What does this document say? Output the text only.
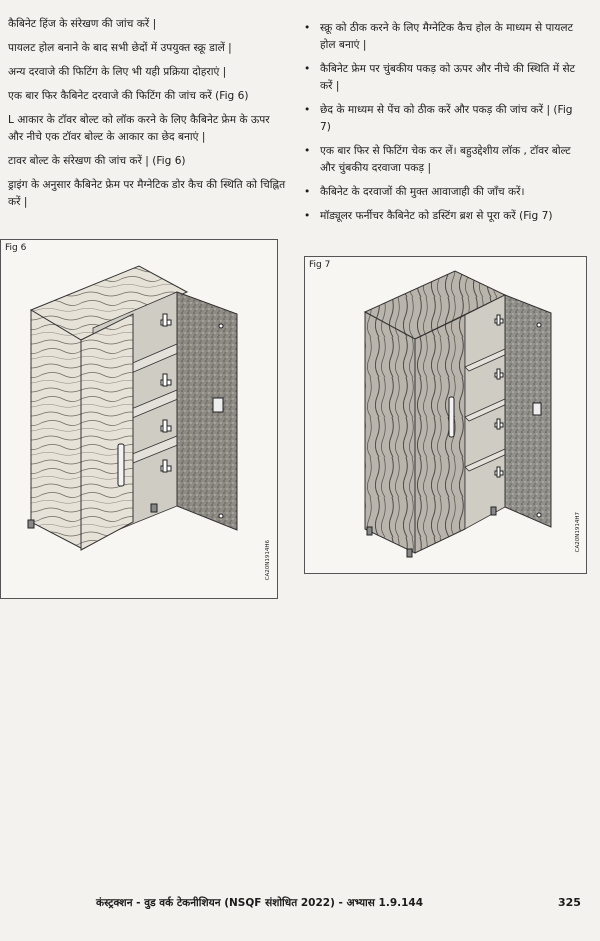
कैबिनेट हिंज के संरेखण की जांच करें |

पायलट होल बनाने के बाद सभी छेदों में उपयुक्त स्क्रू डालें |

अन्य दरवाजे की फिटिंग के लिए भी यही प्रक्रिया दोहराएं |

एक बार फिर कैबिनेट दरवाजे की फिटिंग की जांच करें (Fig 6)

L आकार के टॉवर बोल्ट को लॉक करने के लिए कैबिनेट फ्रेम के ऊपर और नीचे एक टॉवर बोल्ट के आकार का छेद बनाएं |

टावर बोल्ट के संरेखण की जांच करें | (Fig 6)

ड्राइंग के अनुसार कैबिनेट फ्रेम पर मैग्नेटिक डोर कैच की स्थिति को चिह्नित करें |

• स्क्रू को ठीक करने के लिए मैग्नेटिक कैच होल के माध्यम से पायलट होल बनाएं |
• कैबिनेट फ्रेम पर चुंबकीय पकड़ को ऊपर और नीचे की स्थिति में सेट करें |
• छेद के माध्यम से पेंच को ठीक करें और पकड़ की जांच करें | (Fig 7)
• एक बार फिर से फिटिंग चेक कर लें। बहुउद्देशीय लॉक , टॉवर बोल्ट और चुंबकीय दरवाजा पकड़ |
• कैबिनेट के दरवाजों की मुक्त आवाजाही की जाँच करें।
• मॉड्यूलर फर्नीचर कैबिनेट को डस्टिंग ब्रश से पूरा करें (Fig 7)
Fig 6
CA20N1914H6
Fig 7
CA20N1914H7
कंस्ट्रक्शन - वुड वर्क टेकनीशियन (NSQF संशोधित 2022) - अभ्यास 1.9.144	325
